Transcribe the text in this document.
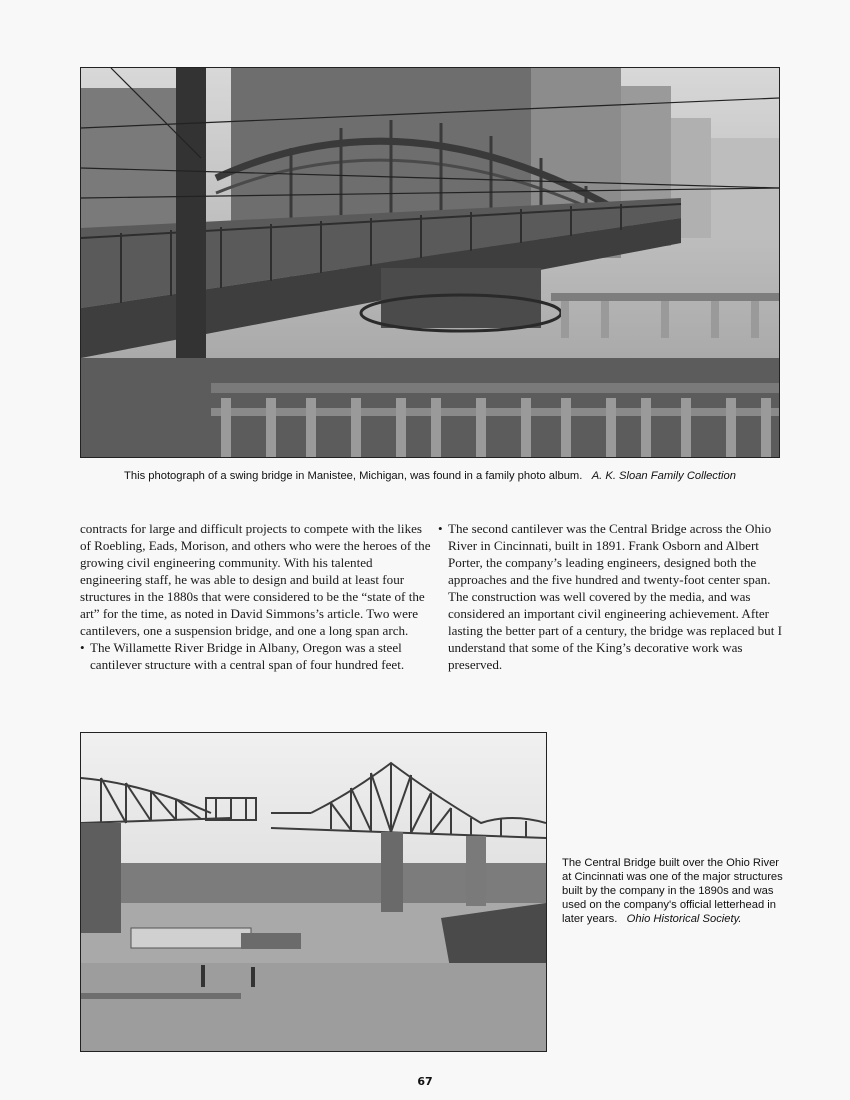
This photograph of a swing bridge in Manistee, Michigan, was found in a family photo album. A. K. Sloan Family Collection

contracts for large and difficult projects to compete with the likes of Roebling, Eads, Morison, and others who were the heroes of the growing civil engineering community. With his talented engineering staff, he was able to design and build at least four structures in the 1880s that were considered to be the “state of the art” for the time, as noted in David Simmons’s article. Two were cantilevers, one a suspension bridge, and one a long span arch.

• The Willamette River Bridge in Albany, Oregon was a steel cantilever structure with a central span of four hundred feet.

• The second cantilever was the Central Bridge across the Ohio River in Cincinnati, built in 1891. Frank Osborn and Albert Porter, the company’s leading engineers, designed both the approaches and the five hundred and twenty-foot center span. The construction was well covered by the media, and was considered an important civil engineering achievement. After lasting the better part of a century, the bridge was replaced but I understand that some of the King’s decorative work was preserved.

The Central Bridge built over the Ohio River at Cincinnati was one of the major structures built by the company in the 1890s and was used on the company's official letterhead in later years. Ohio Historical Society.
67
